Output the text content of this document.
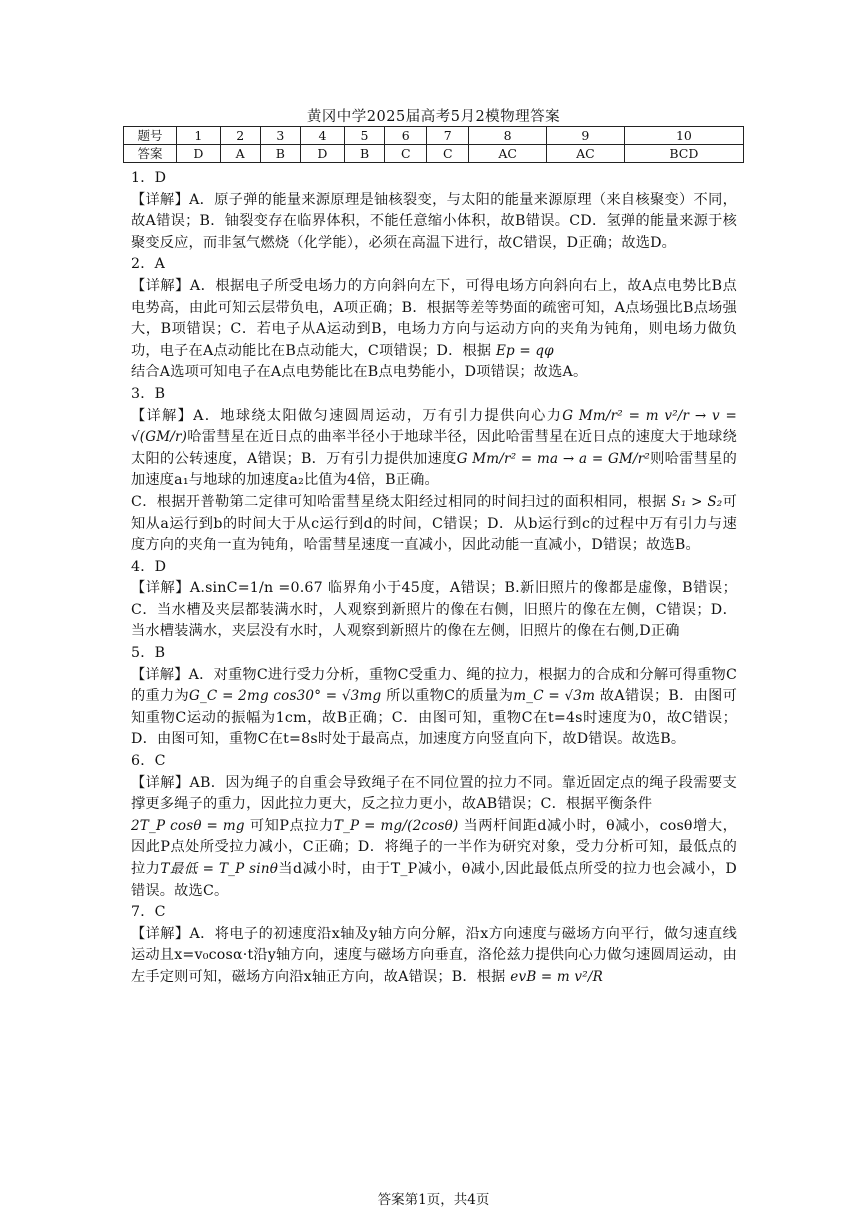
黄冈中学2025届高考5月2模物理答案
题号	1	2	3	4	5	6	7	8	9	10
答案	D	A	B	D	B	C	C	AC	AC	BCD

1．D

【详解】A．原子弹的能量来源原理是铀核裂变，与太阳的能量来源原理（来自核聚变）不同，故A错误；B．铀裂变存在临界体积，不能任意缩小体积，故B错误。CD．氢弹的能量来源于核聚变反应，而非氢气燃烧（化学能），必须在高温下进行，故C错误，D正确；故选D。

2．A

【详解】A．根据电子所受电场力的方向斜向左下，可得电场方向斜向右上，故A点电势比B点电势高，由此可知云层带负电，A项正确；B．根据等差等势面的疏密可知，A点场强比B点场强大，B项错误；C．若电子从A运动到B，电场力方向与运动方向的夹角为钝角，则电场力做负功，电子在A点动能比在B点动能大，C项错误；D．根据 Ep = qφ

结合A选项可知电子在A点电势能比在B点电势能小，D项错误；故选A。

3．B

【详解】A．地球绕太阳做匀速圆周运动，万有引力提供向心力G Mm/r² = m v²/r → v = √(GM/r)哈雷彗星在近日点的曲率半径小于地球半径，因此哈雷彗星在近日点的速度大于地球绕太阳的公转速度，A错误；B．万有引力提供加速度G Mm/r² = ma → a = GM/r²则哈雷彗星的加速度a₁与地球的加速度a₂比值为4倍，B正确。

C．根据开普勒第二定律可知哈雷彗星绕太阳经过相同的时间扫过的面积相同，根据 S₁ > S₂可知从a运行到b的时间大于从c运行到d的时间，C错误；D．从b运行到c的过程中万有引力与速度方向的夹角一直为钝角，哈雷彗星速度一直减小，因此动能一直减小，D错误；故选B。

4．D

【详解】A.sinC=1/n =0.67 临界角小于45度，A错误；B.新旧照片的像都是虚像，B错误；C．当水槽及夹层都装满水时，人观察到新照片的像在右侧，旧照片的像在左侧，C错误；D．当水槽装满水，夹层没有水时，人观察到新照片的像在左侧，旧照片的像在右侧,D正确

5．B

【详解】A．对重物C进行受力分析，重物C受重力、绳的拉力，根据力的合成和分解可得重物C的重力为G_C = 2mg cos30° = √3mg 所以重物C的质量为m_C = √3m 故A错误；B．由图可知重物C运动的振幅为1cm，故B正确；C．由图可知，重物C在t=4s时速度为0，故C错误；D．由图可知，重物C在t=8s时处于最高点，加速度方向竖直向下，故D错误。故选B。

6．C

【详解】AB．因为绳子的自重会导致绳子在不同位置的拉力不同。靠近固定点的绳子段需要支撑更多绳子的重力，因此拉力更大，反之拉力更小，故AB错误；C．根据平衡条件

2T_P cosθ = mg 可知P点拉力T_P = mg/(2cosθ) 当两杆间距d减小时，θ减小，cosθ增大，因此P点处所受拉力减小，C正确；D．将绳子的一半作为研究对象，受力分析可知，最低点的拉力T最低 = T_P sinθ当d减小时，由于T_P减小，θ减小,因此最低点所受的拉力也会减小，D错误。故选C。

7．C

【详解】A．将电子的初速度沿x轴及y轴方向分解，沿x方向速度与磁场方向平行，做匀速直线运动且x=v₀cosα·t沿y轴方向，速度与磁场方向垂直，洛伦兹力提供向心力做匀速圆周运动，由左手定则可知，磁场方向沿x轴正方向，故A错误；B．根据 evB = m v²/R

答案第1页，共4页
